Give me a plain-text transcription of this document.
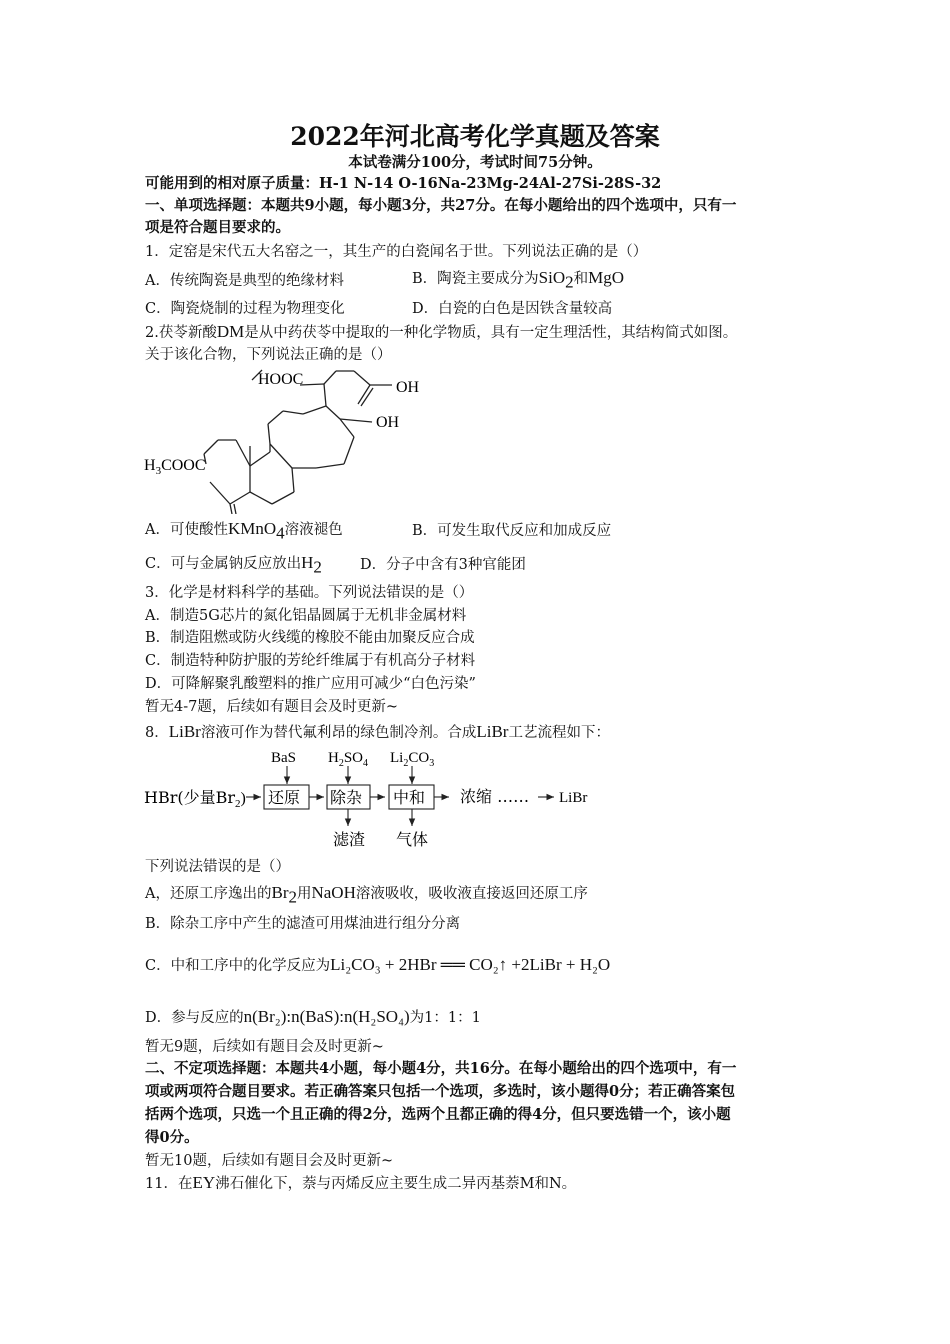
2022年河北高考化学真题及答案
本试卷满分100分，考试时间75分钟。
可能用到的相对原子质量：H-1 N-14 O-16Na-23Mg-24Al-27Si-28S-32
一、单项选择题：本题共9小题，每小题3分，共27分。在每小题给出的四个选项中，只有一
项是符合题目要求的。
1．定窑是宋代五大名窑之一，其生产的白瓷闻名于世。下列说法正确的是（）
A．传统陶瓷是典型的绝缘材料	B．陶瓷主要成分为SiO$_2$和MgO
C．陶瓷烧制的过程为物理变化	D．白瓷的白色是因铁含量较高
2.茯苓新酸DM是从中药茯苓中提取的一种化学物质，具有一定生理活性，其结构简式如图。
关于该化合物，下列说法正确的是（）
HOOC	OH
OH
$H_3COOC$
A．可使酸性KMnO$_4$溶液褪色	B．可发生取代反应和加成反应
C．可与金属钠反应放出$H_2$	D．分子中含有3种官能团
3．化学是材料科学的基础。下列说法错误的是（）
A．制造5G芯片的氮化铝晶圆属于无机非金属材料
B．制造阻燃或防火线缆的橡胶不能由加聚反应合成
C．制造特种防护服的芳纶纤维属于有机高分子材料
D．可降解聚乳酸塑料的推广应用可减少“白色污染”
暂无4-7题，后续如有题目会及时更新~
8．LiBr溶液可作为替代氟利昂的绿色制冷剂。合成LiBr工艺流程如下：
HBr(少量$Br_2$)
BaS $H_2SO_4$ $Li_2CO_3$
还原 除杂 中和 浓缩 …… LiBr
滤渣 气体
下列说法错误的是（）
A，还原工序逸出的$Br_2$用NaOH溶液吸收，吸收液直接返回还原工序
B．除杂工序中产生的滤渣可用煤油进行组分分离
C．中和工序中的化学反应为Li₂CO₃ + 2HBr ══ CO₂↑ +2LiBr + H₂O
D．参与反应的n(Br₂):n(BaS):n(H₂SO₄)为1：1：1
暂无9题，后续如有题目会及时更新~
二、不定项选择题：本题共4小题，每小题4分，共16分。在每小题给出的四个选项中，有一
项或两项符合题目要求。若正确答案只包括一个选项，多选时，该小题得0分；若正确答案包
括两个选项，只选一个且正确的得2分，选两个且都正确的得4分，但只要选错一个，该小题
得0分。
暂无10题，后续如有题目会及时更新~
11．在EY沸石催化下，萘与丙烯反应主要生成二异丙基萘M和N。
